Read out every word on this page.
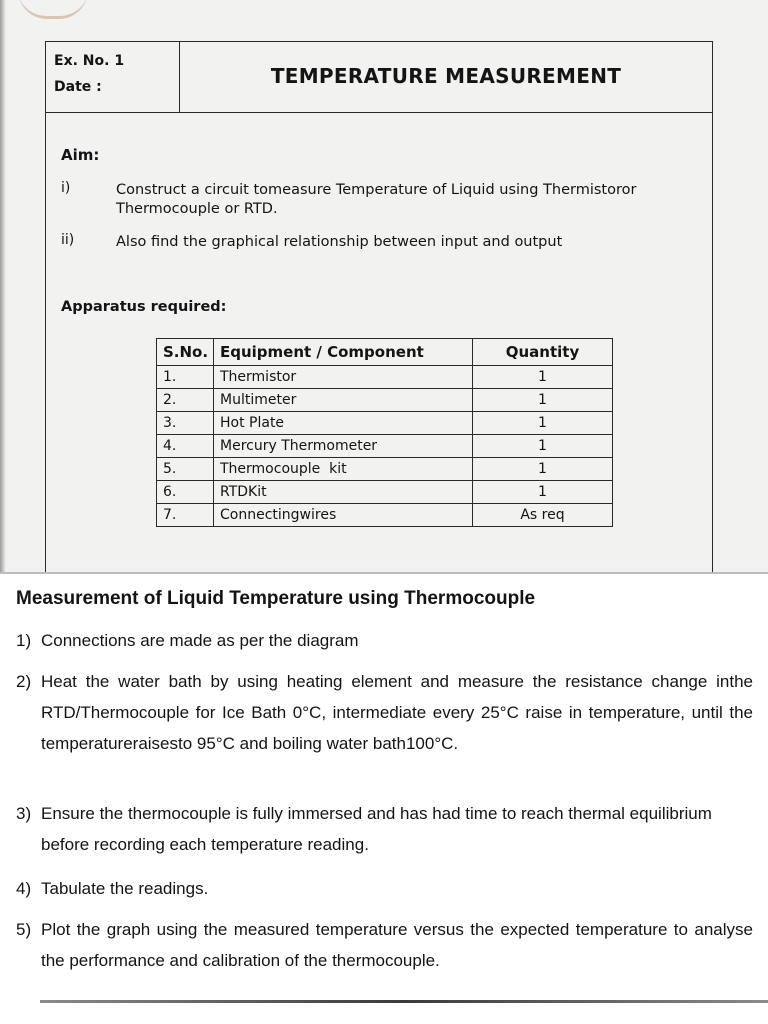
Ex. No. 1
Date :	TEMPERATURE MEASUREMENT
Aim:
i)	Construct a circuit tomeasure Temperature of Liquid using Thermistoror Thermocouple or RTD.
ii)	Also find the graphical relationship between input and output
Apparatus required:
S.No.	Equipment / Component	Quantity
1.	Thermistor	1
2.	Multimeter	1
3.	Hot Plate	1
4.	Mercury Thermometer	1
5.	Thermocouple  kit	1
6.	RTDKit	1
7.	Connectingwires	As req
Measurement of Liquid Temperature using Thermocouple
1) Connections are made as per the diagram
2) Heat the water bath by using heating element and measure the resistance change inthe RTD/Thermocouple for Ice Bath 0°C, intermediate every 25°C raise in temperature, until the temperatureraisesto 95°C and boiling water bath100°C.
3) Ensure the thermocouple is fully immersed and has had time to reach thermal equilibrium before recording each temperature reading.
4) Tabulate the readings.
5) Plot the graph using the measured temperature versus the expected temperature to analyse the performance and calibration of the thermocouple.
